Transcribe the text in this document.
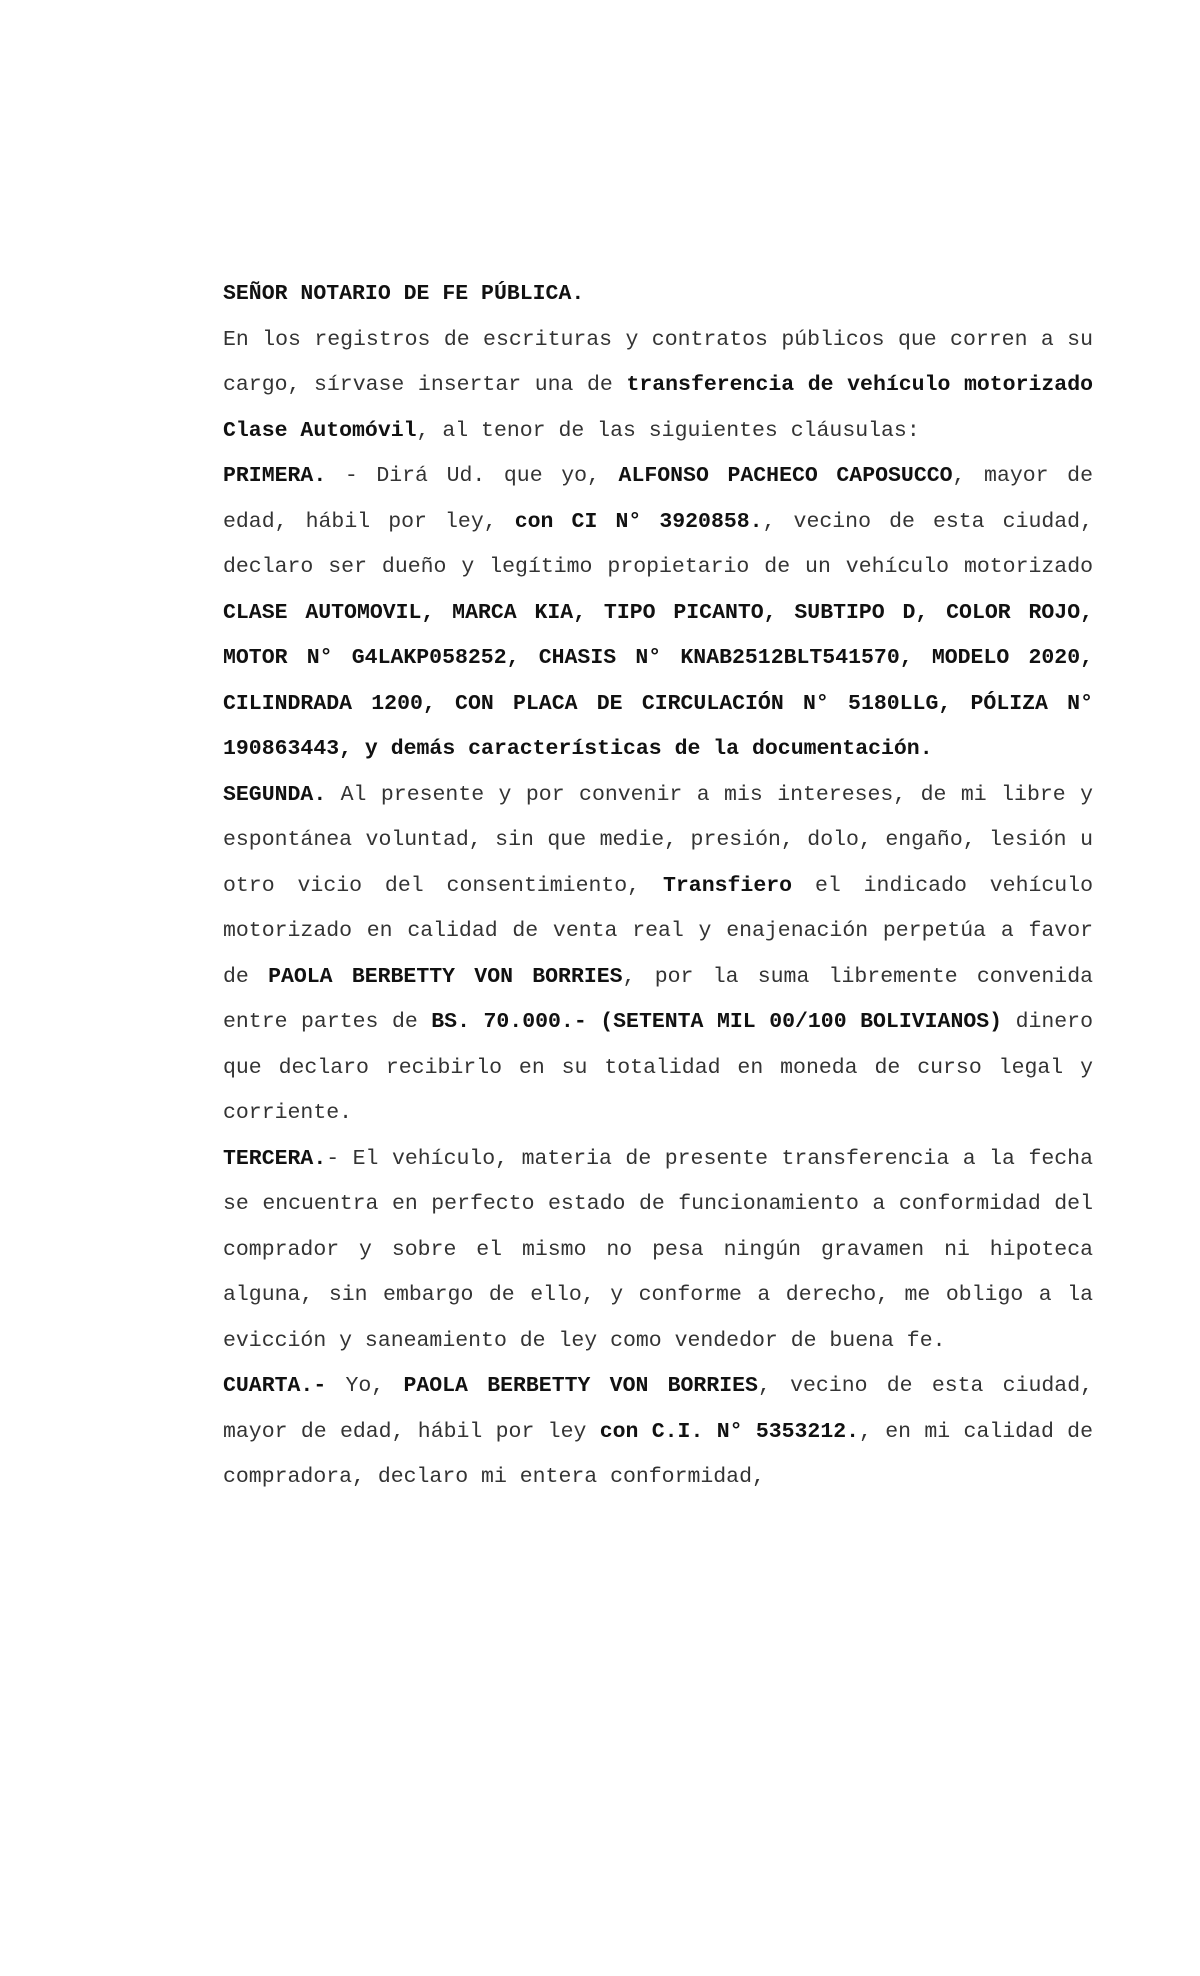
SEÑOR NOTARIO DE FE PÚBLICA.

En los registros de escrituras y contratos públicos que corren a su cargo, sírvase insertar una de transferencia de vehículo motorizado Clase Automóvil, al tenor de las siguientes cláusulas:

PRIMERA. - Dirá Ud. que yo, ALFONSO PACHECO CAPOSUCCO, mayor de edad, hábil por ley, con CI N° 3920858., vecino de esta ciudad, declaro ser dueño y legítimo propietario de un vehículo motorizado CLASE AUTOMOVIL, MARCA KIA, TIPO PICANTO, SUBTIPO D, COLOR ROJO, MOTOR N° G4LAKP058252, CHASIS N° KNAB2512BLT541570, MODELO 2020, CILINDRADA 1200, CON PLACA DE CIRCULACIÓN N° 5180LLG, PÓLIZA N° 190863443, y demás características de la documentación.

SEGUNDA. Al presente y por convenir a mis intereses, de mi libre y espontánea voluntad, sin que medie, presión, dolo, engaño, lesión u otro vicio del consentimiento, Transfiero el indicado vehículo motorizado en calidad de venta real y enajenación perpetúa a favor de PAOLA BERBETTY VON BORRIES, por la suma libremente convenida entre partes de BS. 70.000.- (SETENTA MIL 00/100 BOLIVIANOS) dinero que declaro recibirlo en su totalidad en moneda de curso legal y corriente.

TERCERA.- El vehículo, materia de presente transferencia a la fecha se encuentra en perfecto estado de funcionamiento a conformidad del comprador y sobre el mismo no pesa ningún gravamen ni hipoteca alguna, sin embargo de ello, y conforme a derecho, me obligo a la evicción y saneamiento de ley como vendedor de buena fe.

CUARTA.- Yo, PAOLA BERBETTY VON BORRIES, vecino de esta ciudad, mayor de edad, hábil por ley con C.I. N° 5353212., en mi calidad de compradora, declaro mi entera conformidad,
